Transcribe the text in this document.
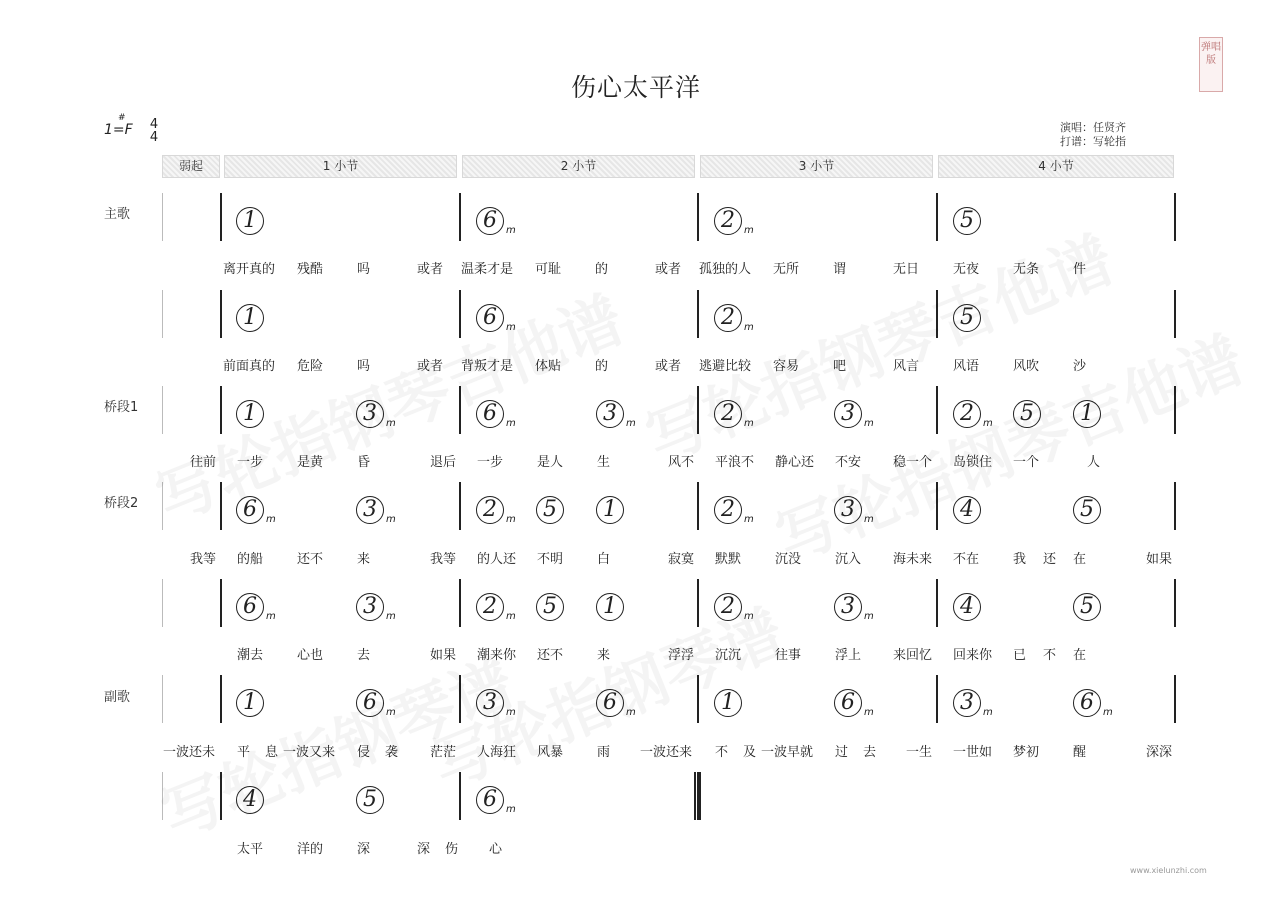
伤心太平洋
弹唱版
1=
#
F 4
4
演唱：任贤齐
打谱：写轮指
弱起	1 小节	2 小节	3 小节	4 小节
主歌
桥段1
桥段2
副歌
1	6 m	2 m	5
离开真的 残酷	吗	或者 温柔才是 可耻	的	或者 孤独的人 无所	谓	无日	无夜	无条	件
1	6 m	2 m	5
前面真的 危险	吗	或者 背叛才是 体贴	的	或者 逃避比较 容易	吧	风言	风语	风吹	沙
1	3 m	6 m	3 m	2 m	3 m	2 m	5	1
往前 一步	是黄	昏	退后 一步	是人	生	风不 平浪不 静心还 不安 稳一个 岛锁住 一个	人
6 m	3 m	2 m	5	1	2 m	3 m	4	5
我等 的船	还不	来	我等 的人还 不明	白	寂寞 默默	沉没	沉入 海未来 不在	我 还 在	如果
6 m	3 m	2 m	5	1	2 m	3 m	4	5
潮去	心也	去	如果 潮来你 还不	来	浮浮 沉沉	往事	浮上 来回忆 回来你 已 不 在
1	6 m	3 m	6 m	1	6 m	3 m	6 m
一波还未 平 息 一波又来 侵 袭 茫茫 人海狂 风暴	雨 一波还来 不 及 一波早就 过 去 一生 一世如 梦初	醒	深深
4	5	6 m
太平	洋的	深	深 伤 心
www.xielunzhi.com
